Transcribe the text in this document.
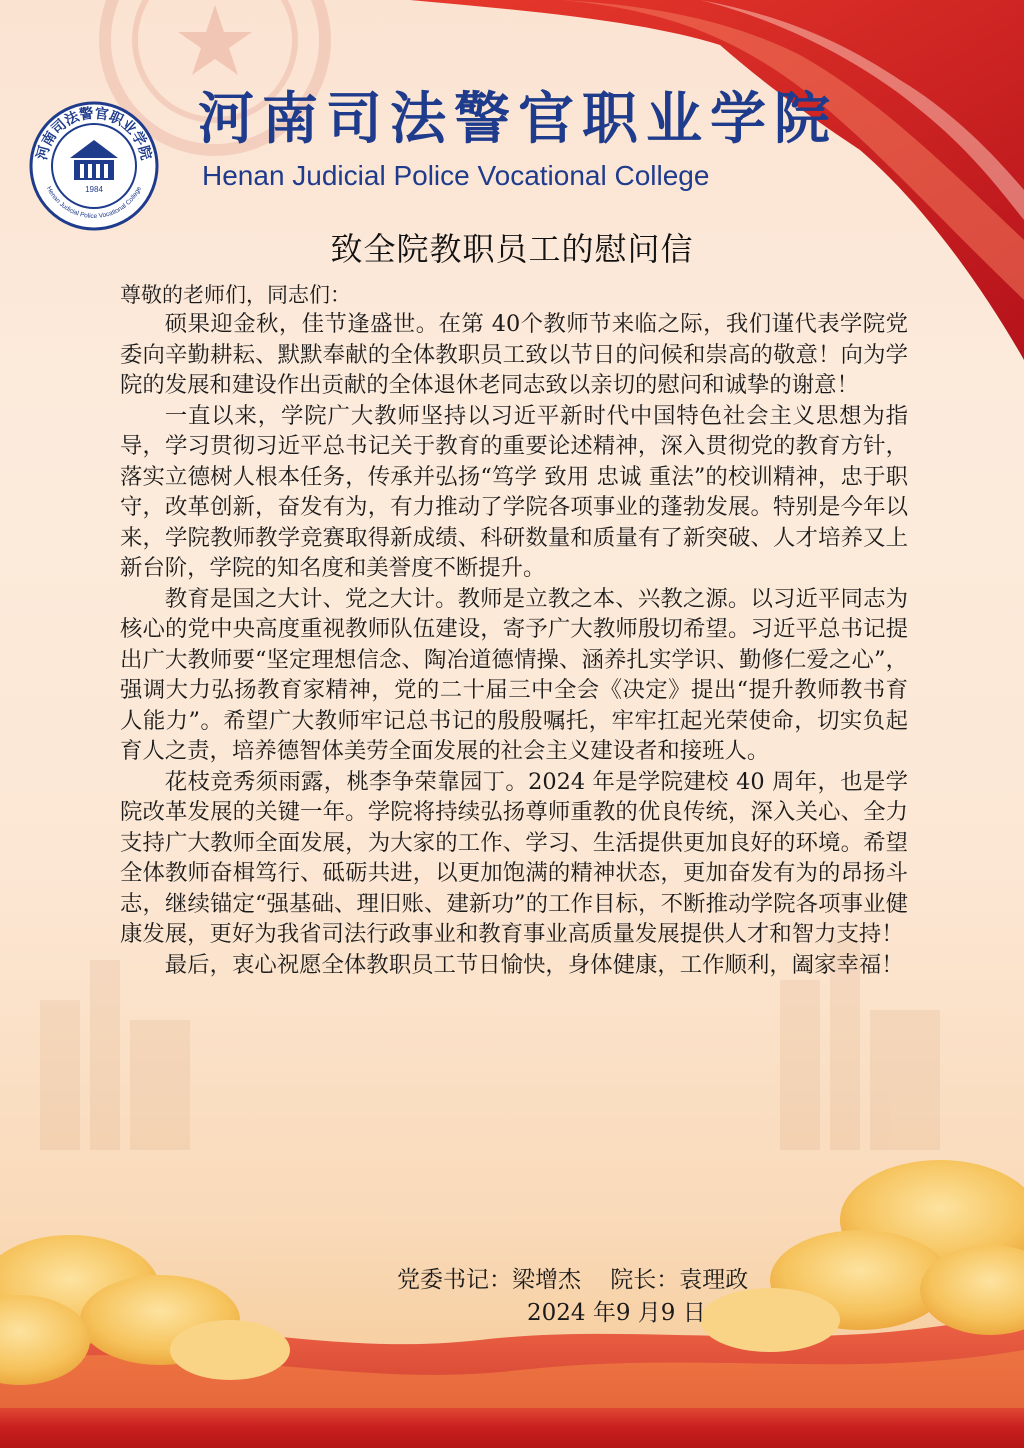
河南司法警官职业学院
Henan Judicial Police Vocational College
1984
河南司法警官职业学院

Henan Judicial Police Vocational College

致全院教职员工的慰问信

尊敬的老师们，同志们：

硕果迎金秋，佳节逢盛世。在第 40个教师节来临之际，我们谨代表学院党委向辛勤耕耘、默默奉献的全体教职员工致以节日的问候和崇高的敬意！向为学院的发展和建设作出贡献的全体退休老同志致以亲切的慰问和诚挚的谢意！

一直以来，学院广大教师坚持以习近平新时代中国特色社会主义思想为指导，学习贯彻习近平总书记关于教育的重要论述精神，深入贯彻党的教育方针，落实立德树人根本任务，传承并弘扬“笃学 致用 忠诚 重法”的校训精神，忠于职守，改革创新，奋发有为，有力推动了学院各项事业的蓬勃发展。特别是今年以来，学院教师教学竞赛取得新成绩、科研数量和质量有了新突破、人才培养又上新台阶，学院的知名度和美誉度不断提升。

教育是国之大计、党之大计。教师是立教之本、兴教之源。以习近平同志为核心的党中央高度重视教师队伍建设，寄予广大教师殷切希望。习近平总书记提出广大教师要“坚定理想信念、陶冶道德情操、涵养扎实学识、勤修仁爱之心”，强调大力弘扬教育家精神，党的二十届三中全会《决定》提出“提升教师教书育人能力”。希望广大教师牢记总书记的殷殷嘱托，牢牢扛起光荣使命，切实负起育人之责，培养德智体美劳全面发展的社会主义建设者和接班人。

花枝竞秀须雨露，桃李争荣靠园丁。2024 年是学院建校 40 周年，也是学院改革发展的关键一年。学院将持续弘扬尊师重教的优良传统，深入关心、全力支持广大教师全面发展，为大家的工作、学习、生活提供更加良好的环境。希望全体教师奋楫笃行、砥砺共进，以更加饱满的精神状态，更加奋发有为的昂扬斗志，继续锚定“强基础、理旧账、建新功”的工作目标，不断推动学院各项事业健康发展，更好为我省司法行政事业和教育事业高质量发展提供人才和智力支持！

最后，衷心祝愿全体教职员工节日愉快，身体健康，工作顺利，阖家幸福！

党委书记：梁增杰    院长：袁理政

2024 年9 月9 日
